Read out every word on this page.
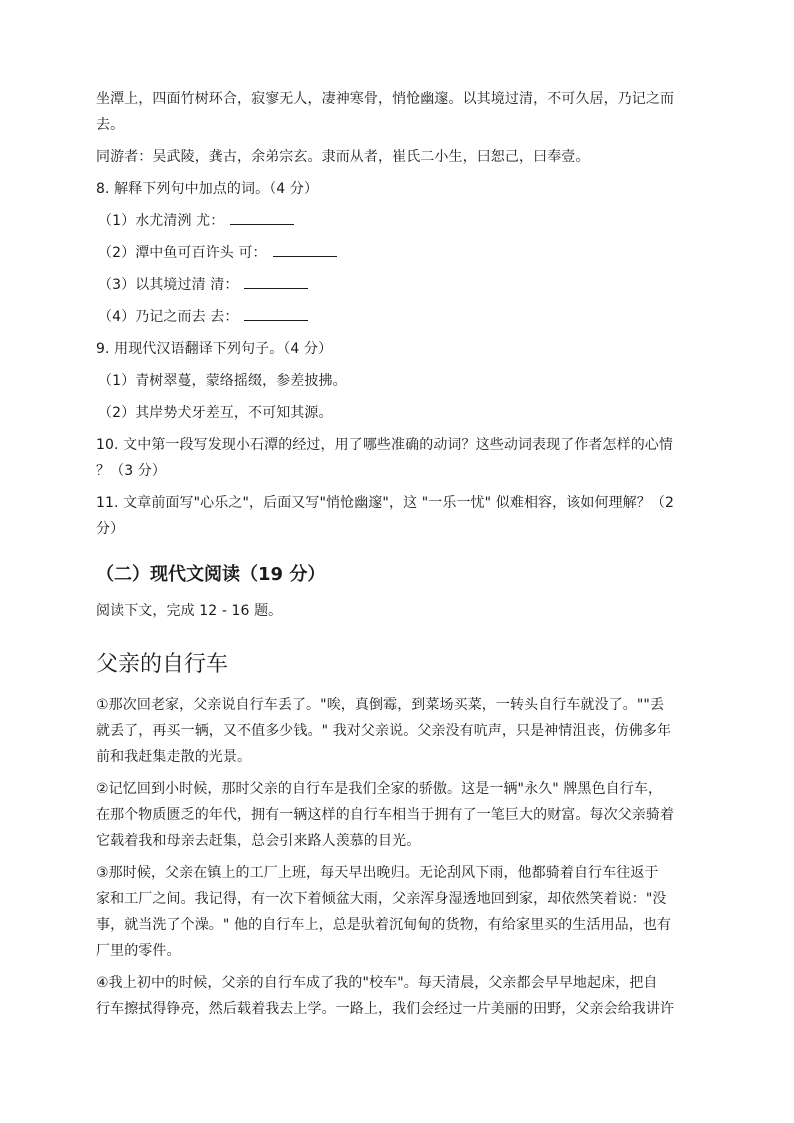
坐潭上，四面竹树环合，寂寥无人，凄神寒骨，悄怆幽邃。以其境过清，不可久居，乃记之而

去。

同游者：吴武陵，龚古，余弟宗玄。隶而从者，崔氏二小生，曰恕己，曰奉壹。

8. 解释下列句中加点的词。（4 分）

（1）水尤清洌 尤：

（2）潭中鱼可百许头 可：

（3）以其境过清 清：

（4）乃记之而去 去：

9. 用现代汉语翻译下列句子。（4 分）

（1）青树翠蔓，蒙络摇缀，参差披拂。

（2）其岸势犬牙差互，不可知其源。

10. 文中第一段写发现小石潭的经过，用了哪些准确的动词？这些动词表现了作者怎样的心情

？（3 分）

11. 文章前面写"心乐之"，后面又写"悄怆幽邃"，这 "一乐一忧" 似难相容，该如何理解？（2

分）

（二）现代文阅读（19 分）

阅读下文，完成 12 - 16 题。

父亲的自行车

①那次回老家，父亲说自行车丢了。"唉，真倒霉，到菜场买菜，一转头自行车就没了。""丢

就丢了，再买一辆，又不值多少钱。" 我对父亲说。父亲没有吭声，只是神情沮丧，仿佛多年

前和我赶集走散的光景。

②记忆回到小时候，那时父亲的自行车是我们全家的骄傲。这是一辆"永久" 牌黑色自行车，

在那个物质匮乏的年代，拥有一辆这样的自行车相当于拥有了一笔巨大的财富。每次父亲骑着

它载着我和母亲去赶集，总会引来路人羡慕的目光。

③那时候，父亲在镇上的工厂上班，每天早出晚归。无论刮风下雨，他都骑着自行车往返于

家和工厂之间。我记得，有一次下着倾盆大雨，父亲浑身湿透地回到家，却依然笑着说："没

事，就当洗了个澡。" 他的自行车上，总是驮着沉甸甸的货物，有给家里买的生活用品，也有

厂里的零件。

④我上初中的时候，父亲的自行车成了我的"校车"。每天清晨，父亲都会早早地起床，把自

行车擦拭得铮亮，然后载着我去上学。一路上，我们会经过一片美丽的田野，父亲会给我讲许
